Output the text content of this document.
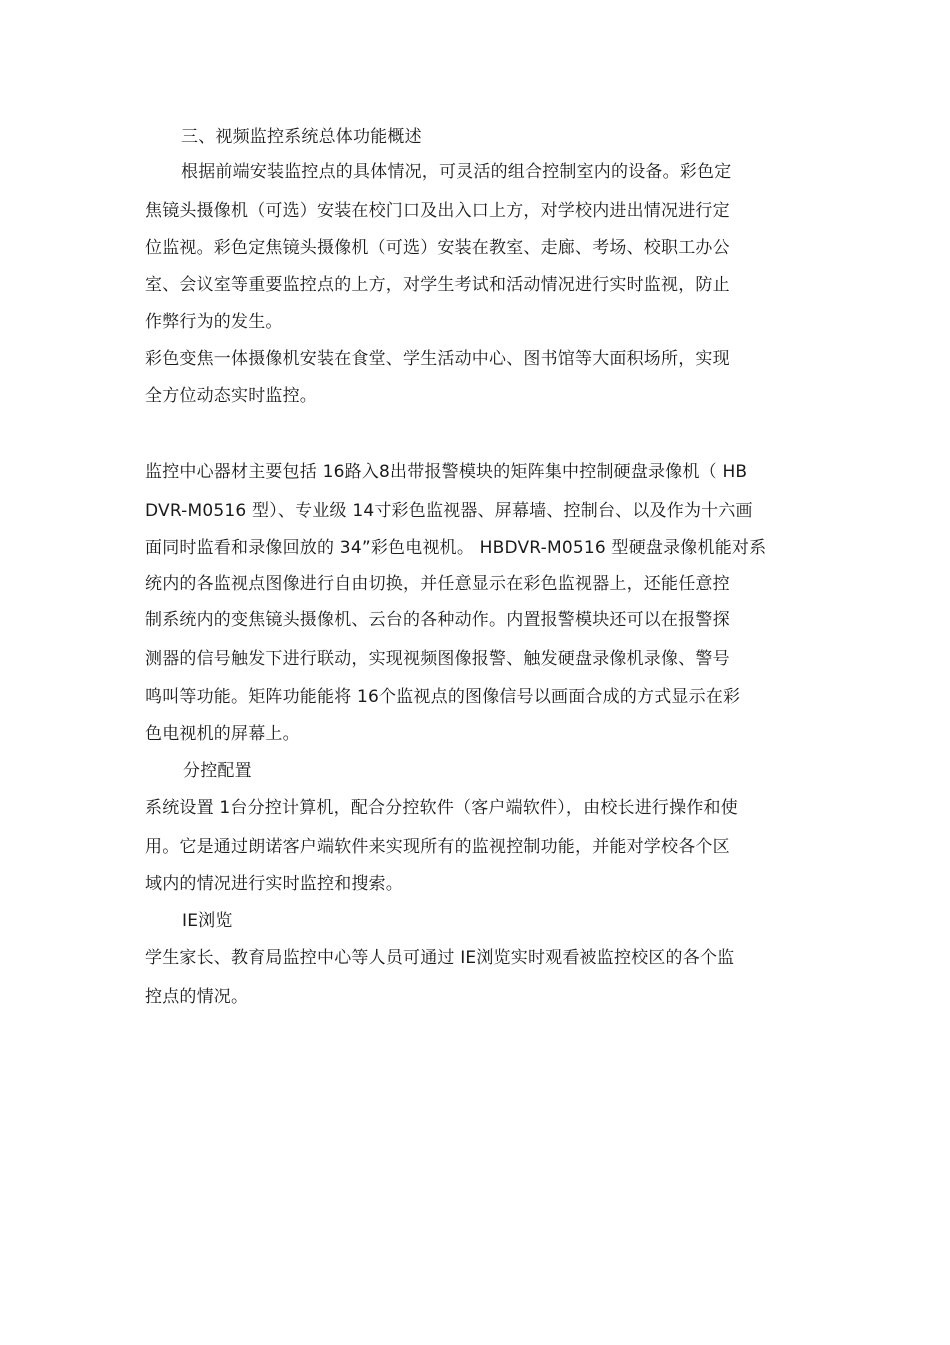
三、视频监控系统总体功能概述
根据前端安装监控点的具体情况，可灵活的组合控制室内的设备。彩色定
焦镜头摄像机（可选）安装在校门口及出入口上方，对学校内进出情况进行定
位监视。彩色定焦镜头摄像机（可选）安装在教室、走廊、考场、校职工办公
室、会议室等重要监控点的上方，对学生考试和活动情况进行实时监视，防止
作弊行为的发生。
彩色变焦一体摄像机安装在食堂、学生活动中心、图书馆等大面积场所，实现
全方位动态实时监控。
监控中心器材主要包括 16路入8出带报警模块的矩阵集中控制硬盘录像机（ HB
DVR-M0516 型）、专业级 14寸彩色监视器、屏幕墙、控制台、以及作为十六画
面同时监看和录像回放的 34”彩色电视机。 HBDVR-M0516 型硬盘录像机能对系
统内的各监视点图像进行自由切换，并任意显示在彩色监视器上，还能任意控
制系统内的变焦镜头摄像机、云台的各种动作。内置报警模块还可以在报警探
测器的信号触发下进行联动，实现视频图像报警、触发硬盘录像机录像、警号
鸣叫等功能。矩阵功能能将 16个监视点的图像信号以画面合成的方式显示在彩
色电视机的屏幕上。
分控配置
系统设置 1台分控计算机，配合分控软件（客户端软件），由校长进行操作和使
用。它是通过朗诺客户端软件来实现所有的监视控制功能，并能对学校各个区
域内的情况进行实时监控和搜索。
IE浏览
学生家长、教育局监控中心等人员可通过 IE浏览实时观看被监控校区的各个监
控点的情况。
